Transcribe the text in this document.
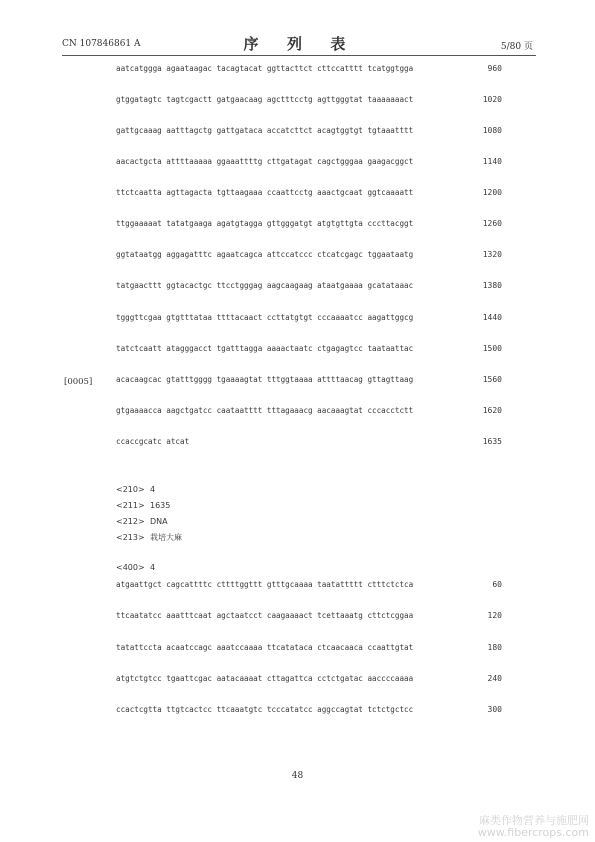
CN 107846861 A	序  列  表	5/80 页
aatcatggga agaataagac tacagtacat ggttacttct cttccatttt tcatggtgga	960
gtggatagtc tagtcgactt gatgaacaag agctttcctg agttgggtat taaaaaaact	1020
gattgcaaag aatttagctg gattgataca accatcttct acagtggtgt tgtaaatttt	1080
aacactgcta attttaaaaa ggaaattttg cttgatagat cagctgggaa gaagacggct	1140
ttctcaatta agttagacta tgttaagaaa ccaattcctg aaactgcaat ggtcaaaatt	1200
ttggaaaaat tatatgaaga agatgtagga gttgggatgt atgtgttgta cccttacggt	1260
ggtataatgg aggagatttc agaatcagca attccatccc ctcatcgagc tggaataatg	1320
tatgaacttt ggtacactgc ttcctgggag aagcaagaag ataatgaaaa gcatataaac	1380
tgggttcgaa gtgtttataa ttttacaact ccttatgtgt cccaaaatcc aagattggcg	1440
tatctcaatt atagggacct tgatttagga aaaactaatc ctgagagtcc taataattac	1500
acacaagcac gtatttgggg tgaaaagtat tttggtaaaa attttaacag gttagttaag	1560
gtgaaaacca aagctgatcc caataatttt tttagaaacg aacaaagtat cccacctctt	1620
ccaccgcatc atcat	1635
[0005]
<210> 4
<211> 1635
<212> DNA
<213> 栽培大麻
<400> 4
atgaattgct cagcattttc cttttggttt gtttgcaaaa taatattttt ctttctctca	60
ttcaatatcc aaatttcaat agctaatcct caagaaaact tcettaaatg cttctcggaa	120
tatattccta acaatccagc aaatccaaaa ttcatataca ctcaacaaca ccaattgtat	180
atgtctgtcc tgaattcgac aatacaaaat cttagattca cctctgatac aaccccaaaa	240
ccactcgtta ttgtcactcc ttcaaatgtc tcccatatcc aggccagtat tctctgctcc	300
48
麻类作物营养与施肥网
www.fibercrops.com
